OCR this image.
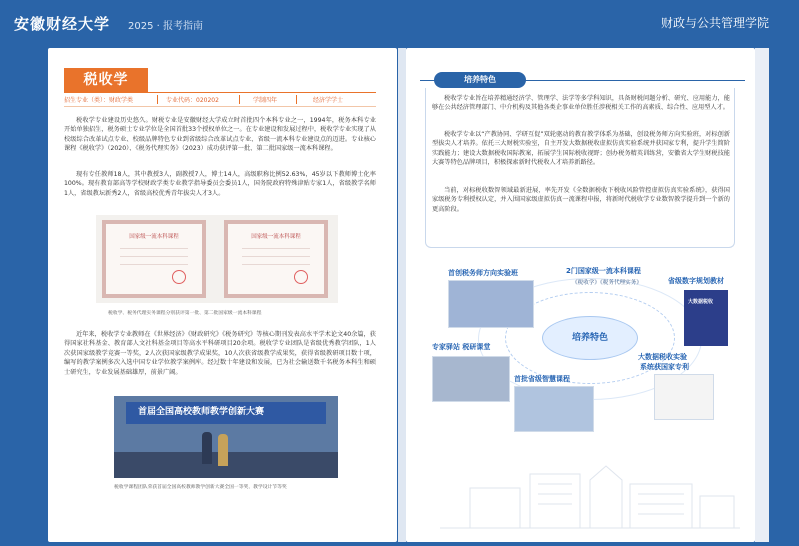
安徽财经大学 2025 · 报考指南	财政与公共管理学院
税收学
招生专业（类）：财政学类	专业代码：020202	学制四年	经济学学士
税收学专业建设历史悠久。财税专业是安徽财经大学成立时首批四个本科专业之一，1994年，税务本科专业开始单独招生，税务硕士专业学位是全国首批33个授权单位之一。在专业建设和发展过程中，税收学专业实现了从校级综合改革试点专业、校级品牌特色专业到省级综合改革试点专业、省级一流本科专业建设点的迈进。专业核心课程《税收学》（2020）、《税务代理实务》（2023）成功获评第一批、第二批国家级一流本科课程。
现有专任教师18人，其中教授3人，副教授7人，博士14人，高级职称比例52.63%，45岁以下教师博士化率100%。现有教育部高等学校财政学类专业教学指导委员会委员1人，国务院政府特殊津贴专家1人，省级教学名师1人，省级教坛新秀2人，省级高校优秀青年拔尖人才3人。
国家级一流本科课程	国家级一流本科课程
税收学、税务代理实务课程分别获评第一批、第二批国家级一流本科课程
近年来，税收学专业教师在《世界经济》《财政研究》《税务研究》等核心期刊发表高水平学术论文40余篇，获得国家社科基金、教育部人文社科基金项目等高水平科研项目20余项。税收学专业团队是省级优秀教学团队，1人次获国家级教学竞赛一等奖，2人次获国家级教学成果奖，10人次获省级教学成果奖，获得省级教研项目数十项，编写的教学案例多次入选中国专业学位教学案例库。经过数十年建设和发展，已为社会输送数千名税务本科生和硕士研究生，专业发展基础雄厚，前景广阔。
首届全国高校教师教学创新大赛
税收学课程团队荣获首届全国高校教师教学创新大赛全国一等奖、教学设计节等奖
培养特色
税收学专业旨在培养精通经济学、管理学、法学等多学科知识，具备财税问题分析、研究、应用能力，能够在公共经济管理部门、中介机构及其他各类企事业单位胜任涉税相关工作的高素质、综合性、应用型人才。
税收学专业以“产教协同、学研互促”双轮驱动的教育教学体系为基础，创设税务师方向实验班，对标创新型拔尖人才培养。依托三大财税实验室，自主开发大数据税收虚拟仿真实验系统并获国家专利，提升学生简阶实践能力；建设大数据税收国际教案，拓展学生国际税收视野；创办税务精英训练营，安徽省大学生财税技能大赛等特色品牌项目，积极探索新时代税收人才培养新路径。
当前，对标税收数智领域最新进展，率先开发《全数据税收下税收风险管控虚拟仿真实验系统》，获得国家级税务专利授权认定，并入围国家级虚拟仿真一流课程申报，将新时代税收学专业数智教学提升到一个新的更高阶段。
培养特色
首创税务师方向实验班	2门国家级一流本科课程
《税收学》《税务代理实务》	省级数字规划教材
大数据税收
专家驿站 税研课堂
首批省级智慧课程
大数据税收实验
系统获国家专利
